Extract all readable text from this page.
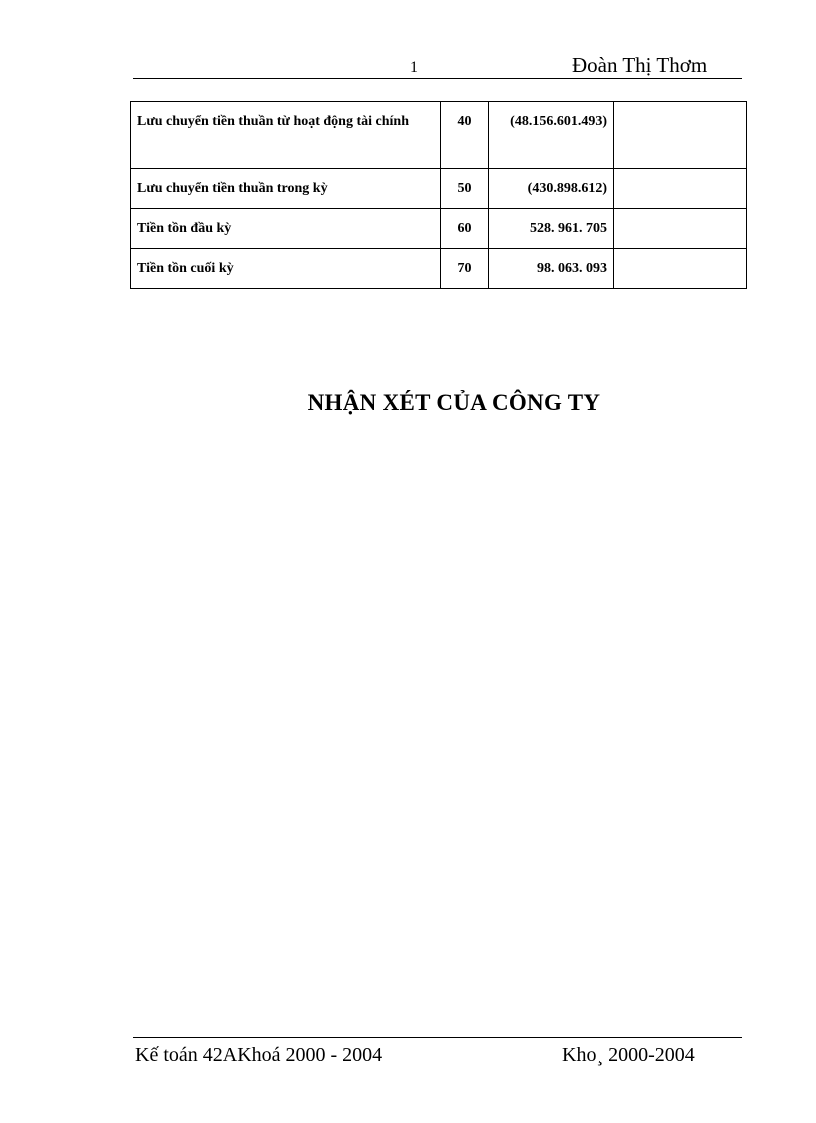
1	Đoàn Thị Thơm
Lưu chuyển tiền thuần từ hoạt động tài chính	40	(48.156.601.493)	
Lưu chuyển tiền thuần trong kỳ	50	(430.898.612)	
Tiền tồn đầu kỳ	60	528. 961. 705	
Tiền tồn cuối kỳ	70	98. 063. 093	
NHẬN XÉT CỦA CÔNG TY
Kế toán 42AKhoá 2000 - 2004	Kho¸ 2000-2004
